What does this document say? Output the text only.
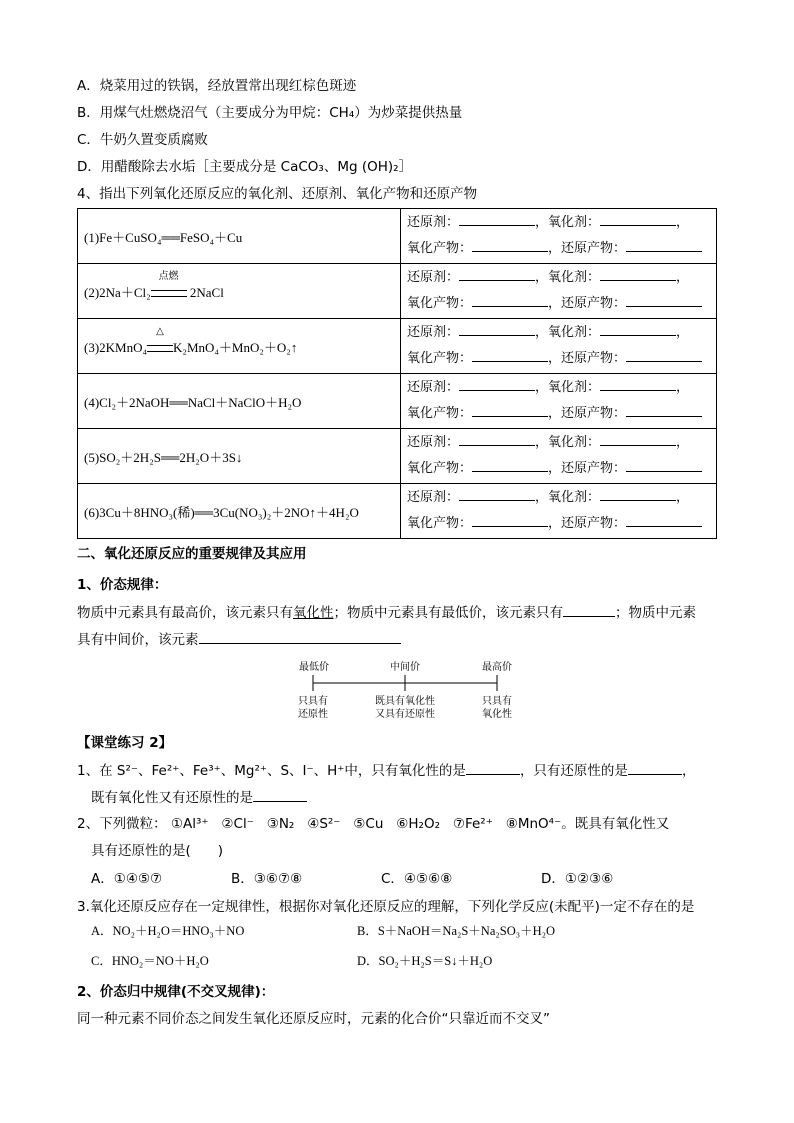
A．烧菜用过的铁锅，经放置常出现红棕色斑迹
B．用煤气灶燃烧沼气（主要成分为甲烷：CH₄）为炒菜提供热量
C．牛奶久置变质腐败
D．用醋酸除去水垢［主要成分是 CaCO₃、Mg (OH)₂］
4、指出下列氧化还原反应的氧化剂、还原剂、氧化产物和还原产物
(1)Fe＋CuSO₄══FeSO₄＋Cu	还原剂： ，氧化剂： ，
氧化产物： ，还原产物：
(2)2Na＋Cl₂
点燃
2NaCl	还原剂： ，氧化剂： ，
氧化产物： ，还原产物：
(3)2KMnO₄
△
K₂MnO₄＋MnO₂＋O₂↑	还原剂： ，氧化剂： ，
氧化产物： ，还原产物：
(4)Cl₂＋2NaOH══NaCl＋NaClO＋H₂O	还原剂： ，氧化剂： ，
氧化产物： ，还原产物：
(5)SO₂＋2H₂S══2H₂O＋3S↓	还原剂： ，氧化剂： ，
氧化产物： ，还原产物：
(6)3Cu＋8HNO₃(稀)══3Cu(NO₃)₂＋2NO↑＋4H₂O	还原剂： ，氧化剂： ，
氧化产物： ，还原产物：
二、氧化还原反应的重要规律及其应用
1、价态规律：
物质中元素具有最高价，该元素只有氧化性；物质中元素具有最低价，该元素只有	；物质中元素
具有中间价，该元素
最低价	中间价	最高价
只具有
还原性
既具有氧化性
又具有还原性
只具有
氧化性
【课堂练习 2】
1、在 S²⁻、Fe²⁺、Fe³⁺、Mg²⁺、S、I⁻、H⁺中，只有氧化性的是	，只有还原性的是	，
既有氧化性又有还原性的是
2、下列微粒： ①Al³⁺ ②Cl⁻ ③N₂ ④S²⁻ ⑤Cu ⑥H₂O₂ ⑦Fe²⁺ ⑧MnO⁴⁻。既具有氧化性又
具有还原性的是(　　)
A．①④⑤⑦	B．③⑥⑦⑧	C．④⑤⑥⑧	D．①②③⑥
3.氧化还原反应存在一定规律性，根据你对氧化还原反应的理解，下列化学反应(未配平)一定不存在的是
A．NO₂＋H₂O＝HNO₃＋NO	B．S＋NaOH＝Na₂S＋Na₂SO₃＋H₂O
C．HNO₂＝NO＋H₂O	D．SO₂＋H₂S＝S↓＋H₂O
2、价态归中规律(不交叉规律)：
同一种元素不同价态之间发生氧化还原反应时，元素的化合价“只靠近而不交叉”
